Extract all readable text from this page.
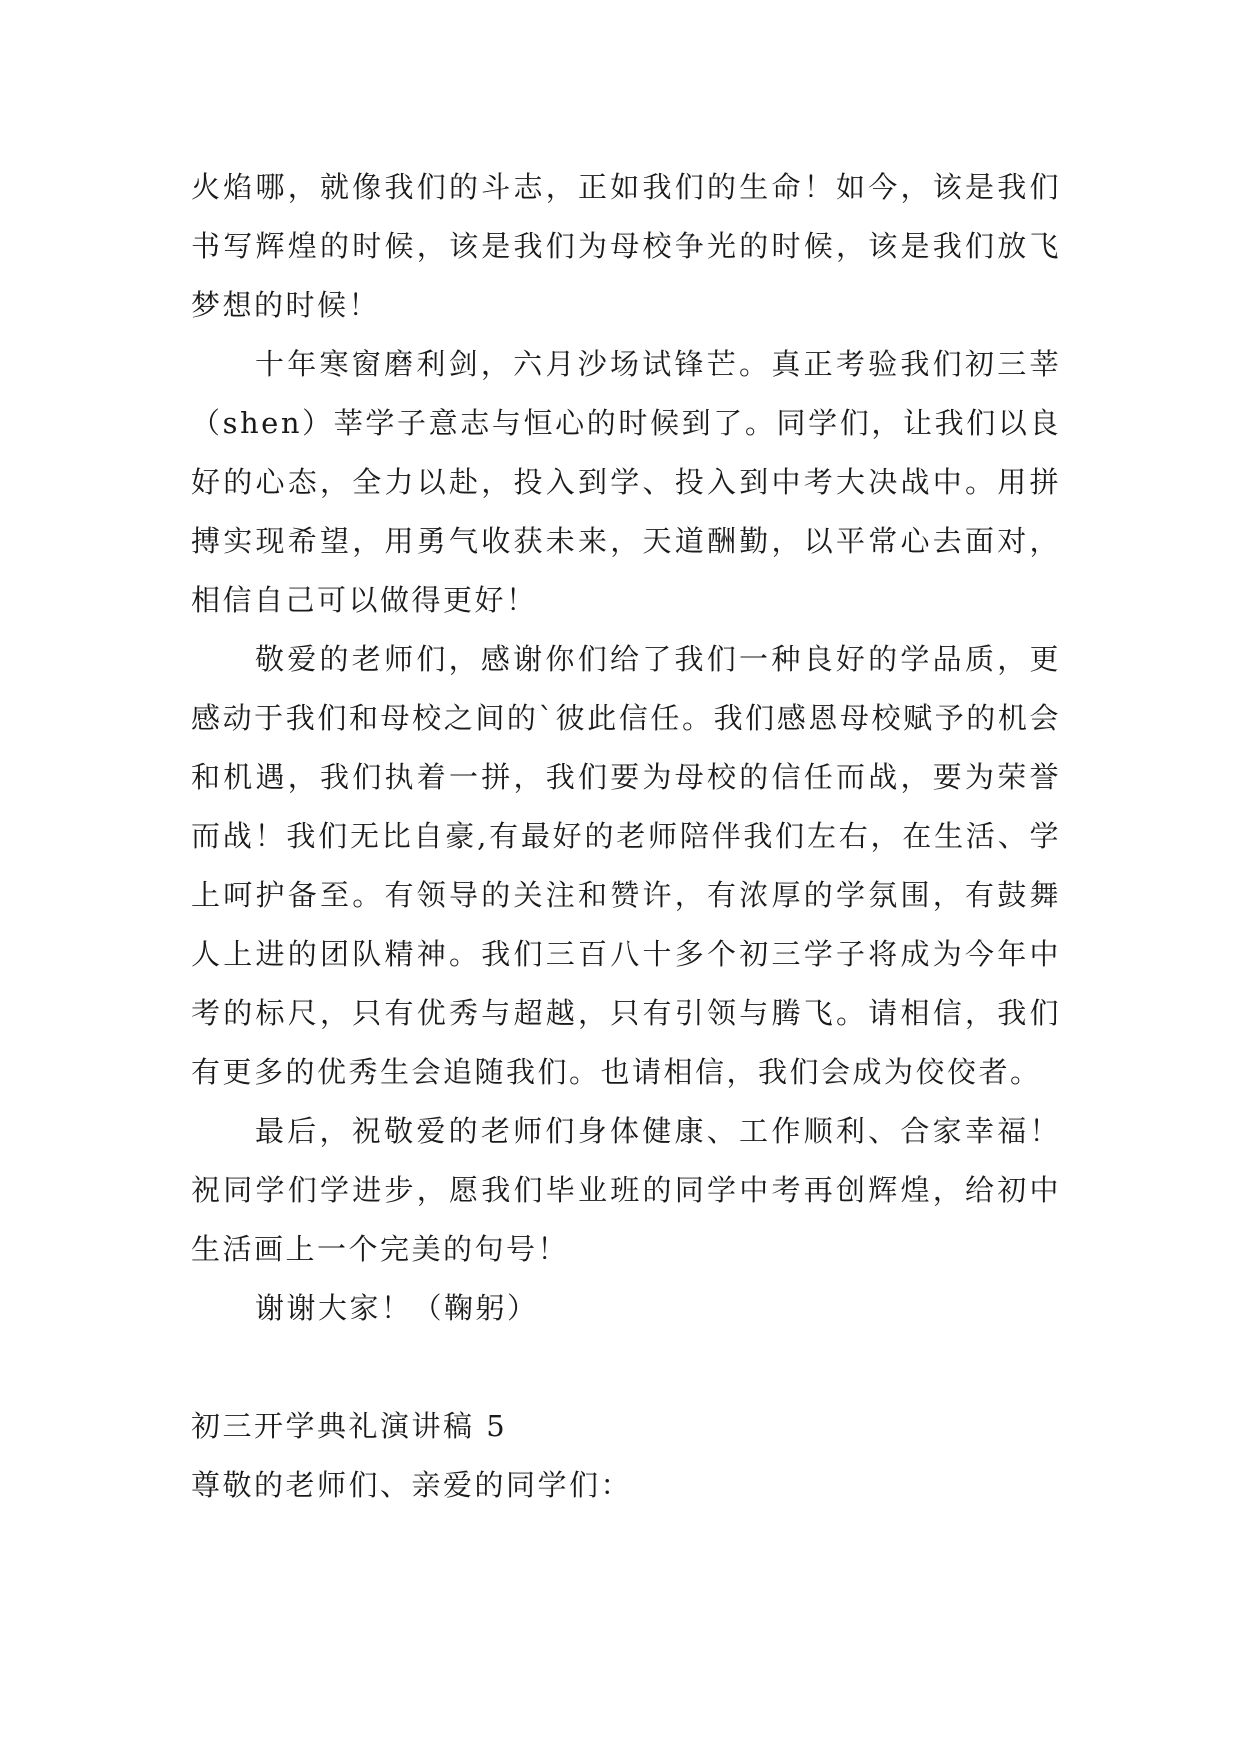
火焰哪，就像我们的斗志，正如我们的生命！如今，该是我们书写辉煌的时候，该是我们为母校争光的时候，该是我们放飞梦想的时候！

十年寒窗磨利剑，六月沙场试锋芒。真正考验我们初三莘（shen）莘学子意志与恒心的时候到了。同学们，让我们以良好的心态，全力以赴，投入到学、投入到中考大决战中。用拼搏实现希望，用勇气收获未来，天道酬勤，以平常心去面对，相信自己可以做得更好！

敬爱的老师们，感谢你们给了我们一种良好的学品质，更感动于我们和母校之间的`彼此信任。我们感恩母校赋予的机会和机遇，我们执着一拼，我们要为母校的信任而战，要为荣誉而战！我们无比自豪,有最好的老师陪伴我们左右，在生活、学上呵护备至。有领导的关注和赞许，有浓厚的学氛围，有鼓舞人上进的团队精神。我们三百八十多个初三学子将成为今年中考的标尺，只有优秀与超越，只有引领与腾飞。请相信，我们有更多的优秀生会追随我们。也请相信，我们会成为佼佼者。

最后，祝敬爱的老师们身体健康、工作顺利、合家幸福！祝同学们学进步，愿我们毕业班的同学中考再创辉煌，给初中生活画上一个完美的句号！

谢谢大家！（鞠躬）

初三开学典礼演讲稿 5

尊敬的老师们、亲爱的同学们：
